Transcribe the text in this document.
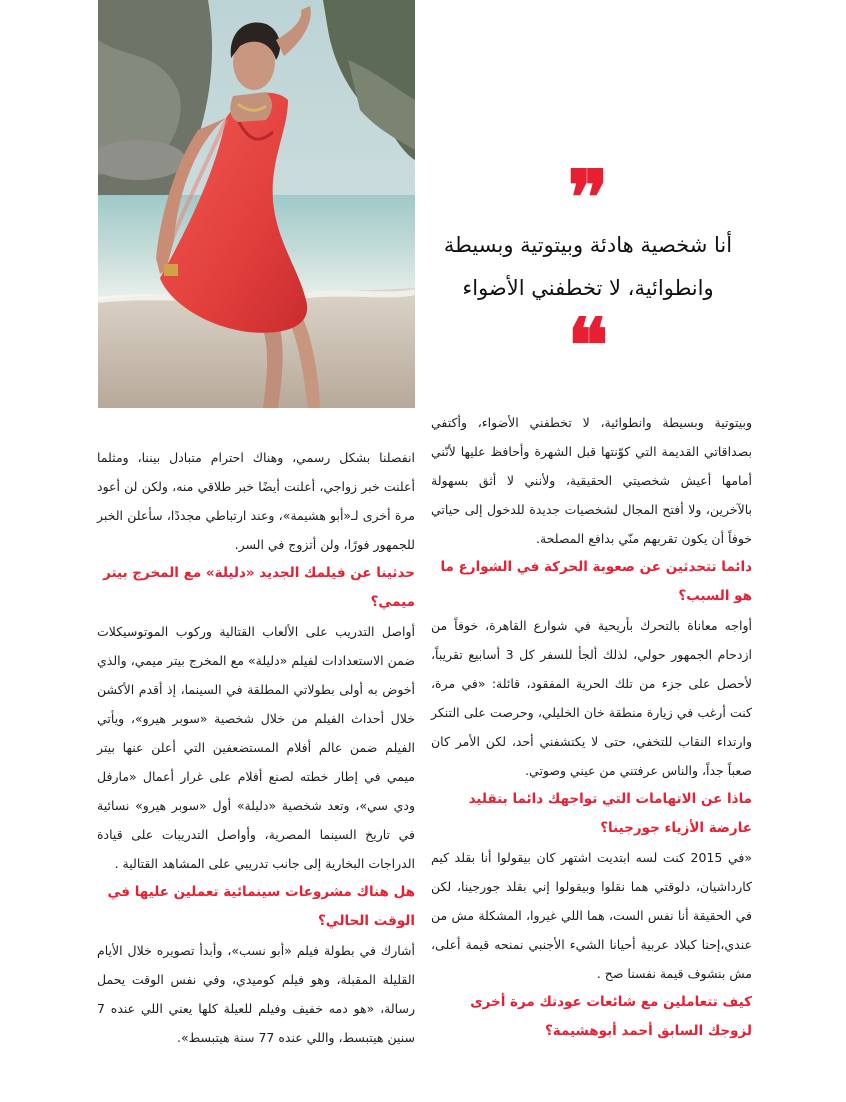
❞
أنا شخصية هادئة وبيتوتية وبسيطة وانطوائية، لا تخطفني الأضواء
❝

وبيتوتية وبسيطة وانطوائية، لا تخطفني الأضواء، وأكتفي بصداقاتي القديمة التي كوّنتها قبل الشهرة وأحافظ عليها لأنّني أمامها أعيش شخصيتي الحقيقية، ولأنني لا أثق بسهولة بالآخرين، ولا أفتح المجال لشخصيات جديدة للدخول إلى حياتي خوفاً أن يكون تقربهم منّي بدافع المصلحة.

دائما تتحدثين عن صعوبة الحركة في الشوارع ما هو السبب؟

أواجه معاناة بالتحرك بأريحية في شوارع القاهرة، خوفاً من ازدحام الجمهور حولي، لذلك ألجأ للسفر كل 3 أسابيع تقريباً، لأحصل على جزء من تلك الحرية المفقود، قائلة: «في مرة، كنت أرغب في زيارة منطقة خان الخليلي، وحرصت على التنكر وارتداء النقاب للتخفي، حتى لا يكتشفني أحد، لكن الأمر كان صعباً جداً، والناس عرفتني من عيني وصوتي.

ماذا عن الاتهامات التي تواجهك دائما بتقليد عارضة الأزياء جورجينا؟

«في 2015 كنت لسه ابتديت اشتهر كان بيقولوا أنا بقلد كيم كارداشيان، دلوقتي هما نقلوا وبيقولوا إني بقلد جورجينا، لكن في الحقيقة أنا نفس الست، هما اللي غيروا، المشكلة مش من عندي،إحنا كبلاد عربية أحيانا الشيء الأجنبي نمنحه قيمة أعلى، مش بنشوف قيمة نفسنا صح .

كيف تتعاملين مع شائعات عودتك مرة أخرى لزوجك السابق أحمد أبوهشيمة؟

انفصلنا بشكل رسمي، وهناك احترام متبادل بيننا، ومثلما أعلنت خبر زواجي، أعلنت أيضًا خبر طلاقي منه، ولكن لن أعود مرة أخرى لـ«أبو هشيمة»، وعند ارتباطي مجددًا، سأعلن الخبر للجمهور فورًا، ولن أتزوج في السر.

حدثينا عن فيلمك الجديد «دليلة» مع المخرج بيتر ميمي؟

أواصل التدريب على الألعاب القتالية وركوب الموتوسيكلات ضمن الاستعدادات لفيلم «دليلة» مع المخرج بيتر ميمي، والذي أخوض به أولى بطولاتي المطلقة في السينما، إذ أقدم الأكشن خلال أحداث الفيلم من خلال شخصية «سوبر هيرو»، ويأتي الفيلم ضمن عالم أفلام المستضعفين التي أعلن عنها بيتر ميمي في إطار خطته لصنع أفلام على غرار أعمال «مارفل ودي سي»، وتعد شخصية «دليلة» أول «سوبر هيرو» نسائية في تاريخ السينما المصرية، وأواصل التدريبات على قيادة الدراجات البخارية إلى جانب تدريبي على المشاهد القتالية .

هل هناك مشروعات سينمائية تعملين عليها في الوقت الحالي؟

أشارك في بطولة فيلم «أبو نسب»، وأبدأ تصويره خلال الأيام القليلة المقبلة، وهو فيلم كوميدي، وفي نفس الوقت يحمل رسالة، «هو دمه خفيف وفيلم للعيلة كلها يعني اللي عنده 7 سنين هيتبسط، واللي عنده 77 سنة هيتبسط».
